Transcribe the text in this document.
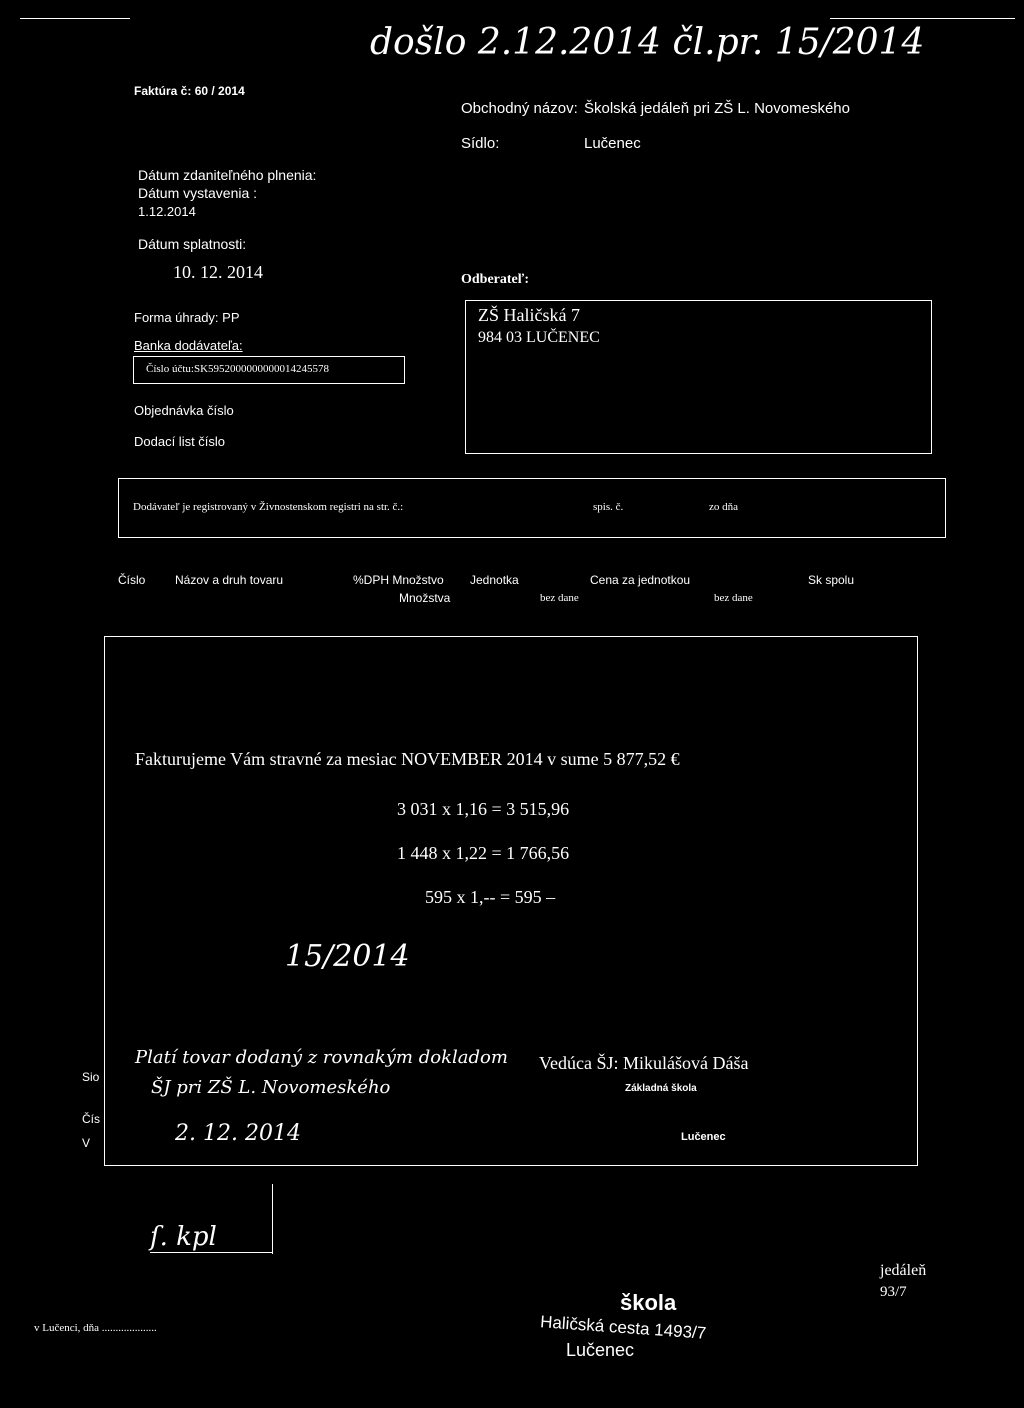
došlo 2.12.2014 čl.pr. 15/2014
Faktúra č: 60 / 2014
Obchodný názov: Školská jedáleň pri ZŠ L. Novomeského
Sídlo:	Lučenec
Dátum zdaniteľného plnenia:
Dátum vystavenia :
1.12.2014
Dátum splatnosti:
10. 12. 2014	Odberateľ:
ZŠ Haličská 7
984 03 LUČENEC
Forma úhrady: PP
Banka dodávateľa:
Číslo účtu:SK5952000000000014245578
Objednávka číslo
Dodací list číslo
Dodávateľ je registrovaný v Živnostenskom registri na str. č.:	spis. č.	zo dňa
Číslo Názov a druh tovaru	%DPH Množstvo Jednotka	Cena za jednotkou	Sk spolu
Množstva	bez dane	bez dane
Fakturujeme Vám stravné za mesiac NOVEMBER 2014 v sume 5 877,52 €
3 031 x 1,16 = 3 515,96
1 448 x 1,22 = 1 766,56
595 x 1,-- = 595 –
15/2014
Platí tovar dodaný z rovnakým dokladom
ŠJ pri ZŠ L. Novomeského
2. 12. 2014
Vedúca ŠJ: Mikulášová Dáša
Základná škola
Lučenec
Sio
Čís
V
ſ. kpl
v Lučenci, dňa ....................
škola
Haličská cesta 1493/7
Lučenec
jedáleň
93/7
